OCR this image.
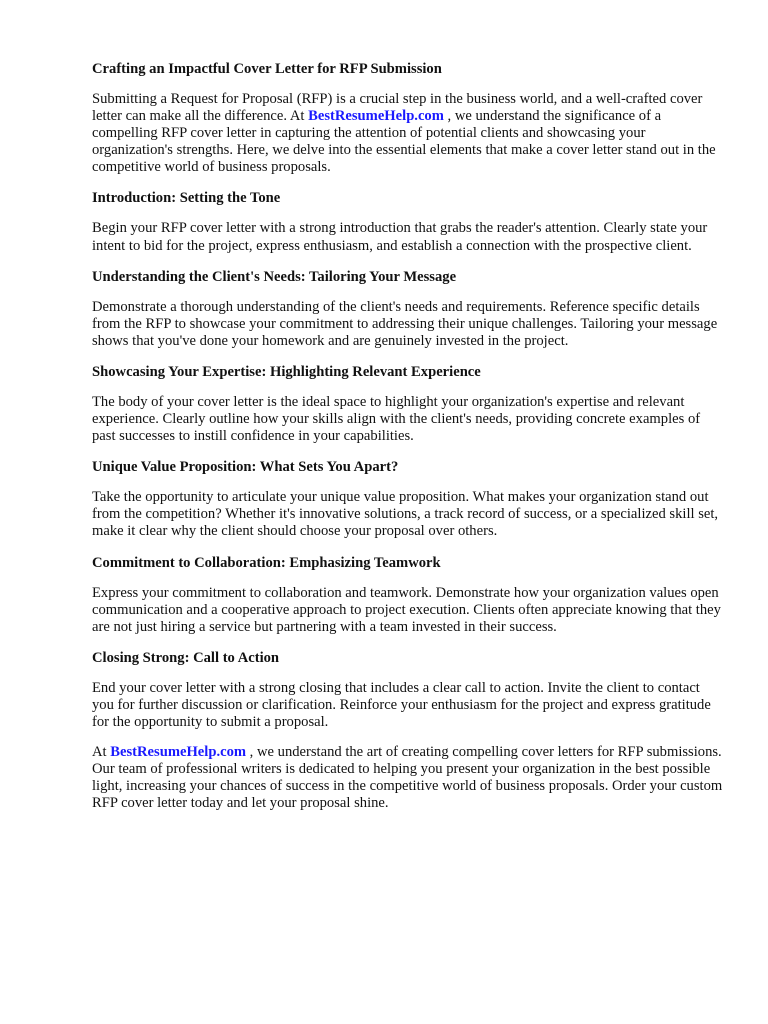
Crafting an Impactful Cover Letter for RFP Submission

Submitting a Request for Proposal (RFP) is a crucial step in the business world, and a well-crafted cover letter can make all the difference. At BestResumeHelp.com , we understand the significance of a compelling RFP cover letter in capturing the attention of potential clients and showcasing your organization's strengths. Here, we delve into the essential elements that make a cover letter stand out in the competitive world of business proposals.

Introduction: Setting the Tone

Begin your RFP cover letter with a strong introduction that grabs the reader's attention. Clearly state your intent to bid for the project, express enthusiasm, and establish a connection with the prospective client.

Understanding the Client's Needs: Tailoring Your Message

Demonstrate a thorough understanding of the client's needs and requirements. Reference specific details from the RFP to showcase your commitment to addressing their unique challenges. Tailoring your message shows that you've done your homework and are genuinely invested in the project.

Showcasing Your Expertise: Highlighting Relevant Experience

The body of your cover letter is the ideal space to highlight your organization's expertise and relevant experience. Clearly outline how your skills align with the client's needs, providing concrete examples of past successes to instill confidence in your capabilities.

Unique Value Proposition: What Sets You Apart?

Take the opportunity to articulate your unique value proposition. What makes your organization stand out from the competition? Whether it's innovative solutions, a track record of success, or a specialized skill set, make it clear why the client should choose your proposal over others.

Commitment to Collaboration: Emphasizing Teamwork

Express your commitment to collaboration and teamwork. Demonstrate how your organization values open communication and a cooperative approach to project execution. Clients often appreciate knowing that they are not just hiring a service but partnering with a team invested in their success.

Closing Strong: Call to Action

End your cover letter with a strong closing that includes a clear call to action. Invite the client to contact you for further discussion or clarification. Reinforce your enthusiasm for the project and express gratitude for the opportunity to submit a proposal.

At BestResumeHelp.com , we understand the art of creating compelling cover letters for RFP submissions. Our team of professional writers is dedicated to helping you present your organization in the best possible light, increasing your chances of success in the competitive world of business proposals. Order your custom RFP cover letter today and let your proposal shine.
